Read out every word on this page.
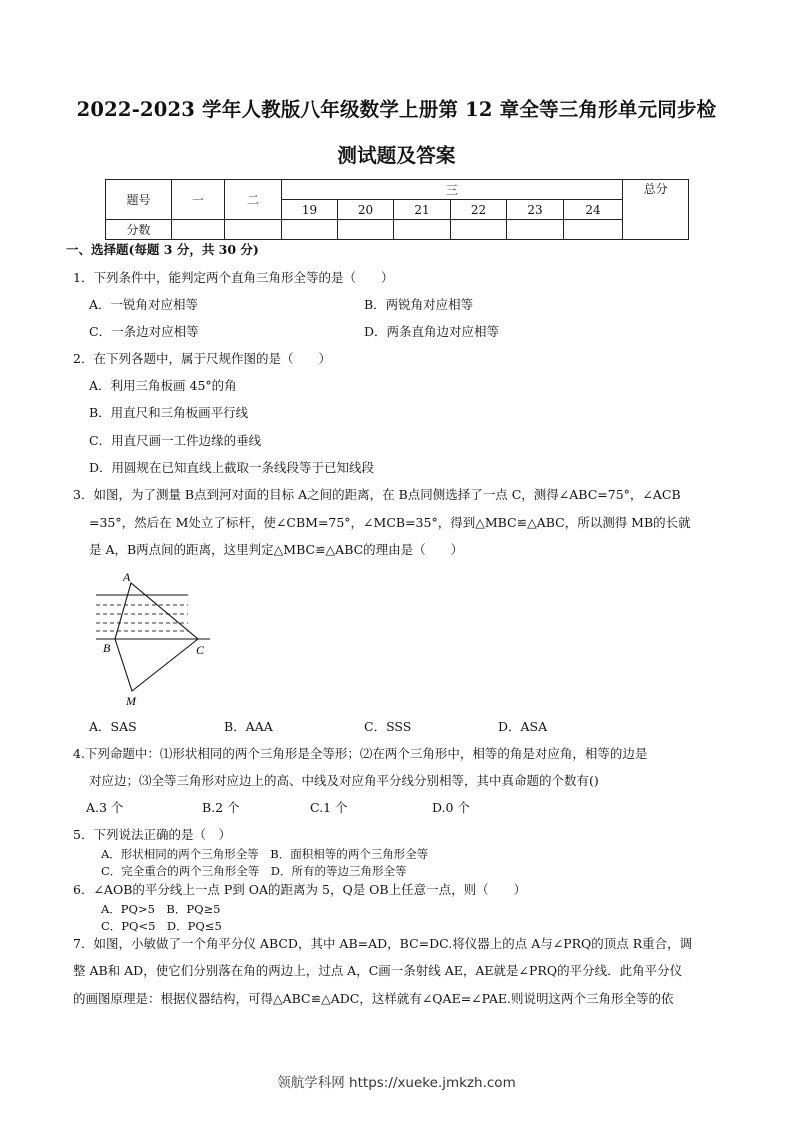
2022-2023 学年人教版八年级数学上册第 12 章全等三角形单元同步检
测试题及答案
题号	一	二	三						总分
			19	20	21	22	23	24	
分数									
一、选择题(每题 3 分，共 30 分)
1．下列条件中，能判定两个直角三角形全等的是（　　）
A．一锐角对应相等	B．两锐角对应相等
C．一条边对应相等	D．两条直角边对应相等
2．在下列各题中，属于尺规作图的是（　　）
A．利用三角板画 45°的角
B．用直尺和三角板画平行线
C．用直尺画一工件边缘的垂线
D．用圆规在已知直线上截取一条线段等于已知线段
3．如图，为了测量 B点到河对面的目标 A之间的距离，在 B点同侧选择了一点 C，测得∠ABC=75°，∠ACB
=35°，然后在 M处立了标杆，使∠CBM=75°，∠MCB=35°，得到△MBC≌△ABC，所以测得 MB的长就
是 A，B两点间的距离，这里判定△MBC≌△ABC的理由是（　　）
A
B	C
M
A．SAS	B．AAA	C．SSS	D．ASA
4.下列命题中：⑴形状相同的两个三角形是全等形；⑵在两个三角形中，相等的角是对应角，相等的边是
对应边；⑶全等三角形对应边上的高、中线及对应角平分线分别相等，其中真命题的个数有()
A.3 个	B.2 个	C.1 个	D.0 个
5．下列说法正确的是（　）
A．形状相同的两个三角形全等　B．面积相等的两个三角形全等
C．完全重合的两个三角形全等　D．所有的等边三角形全等
6．∠AOB的平分线上一点 P到 OA的距离为 5，Q是 OB上任意一点，则（　　）
A．PQ>5　B．PQ≥5
C．PQ<5　D．PQ≤5
7．如图，小敏做了一个角平分仪 ABCD，其中 AB=AD，BC=DC.将仪器上的点 A与∠PRQ的顶点 R重合，调
整 AB和 AD，使它们分别落在角的两边上，过点 A，C画一条射线 AE，AE就是∠PRQ的平分线．此角平分仪
的画图原理是：根据仪器结构，可得△ABC≌△ADC，这样就有∠QAE=∠PAE.则说明这两个三角形全等的依
领航学科网 https://xueke.jmkzh.com
